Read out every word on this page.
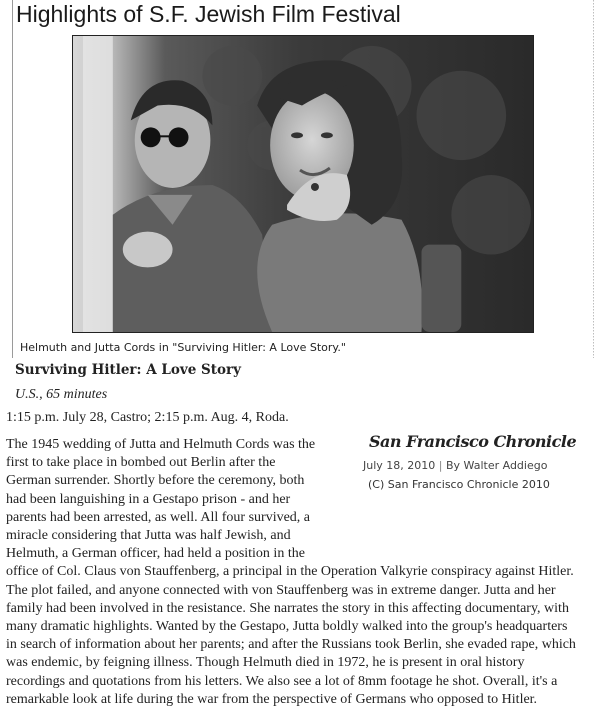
Highlights of S.F. Jewish Film Festival
Helmuth and Jutta Cords in "Surviving Hitler: A Love Story."
Surviving Hitler: A Love Story
U.S., 65 minutes
1:15 p.m. July 28, Castro; 2:15 p.m. Aug. 4, Roda.
San Francisco Chronicle
July 18, 2010 | By Walter Addiego
(C) San Francisco Chronicle 2010
The 1945 wedding of Jutta and Helmuth Cords was the
first to take place in bombed out Berlin after the
German surrender. Shortly before the ceremony, both
had been languishing in a Gestapo prison - and her
parents had been arrested, as well. All four survived, a
miracle considering that Jutta was half Jewish, and
Helmuth, a German officer, had held a position in the
office of Col. Claus von Stauffenberg, a principal in the Operation Valkyrie conspiracy against Hitler.
The plot failed, and anyone connected with von Stauffenberg was in extreme danger. Jutta and her
family had been involved in the resistance. She narrates the story in this affecting documentary, with
many dramatic highlights. Wanted by the Gestapo, Jutta boldly walked into the group's headquarters
in search of information about her parents; and after the Russians took Berlin, she evaded rape, which
was endemic, by feigning illness. Though Helmuth died in 1972, he is present in oral history
recordings and quotations from his letters. We also see a lot of 8mm footage he shot. Overall, it's a
remarkable look at life during the war from the perspective of Germans who opposed to Hitler.
